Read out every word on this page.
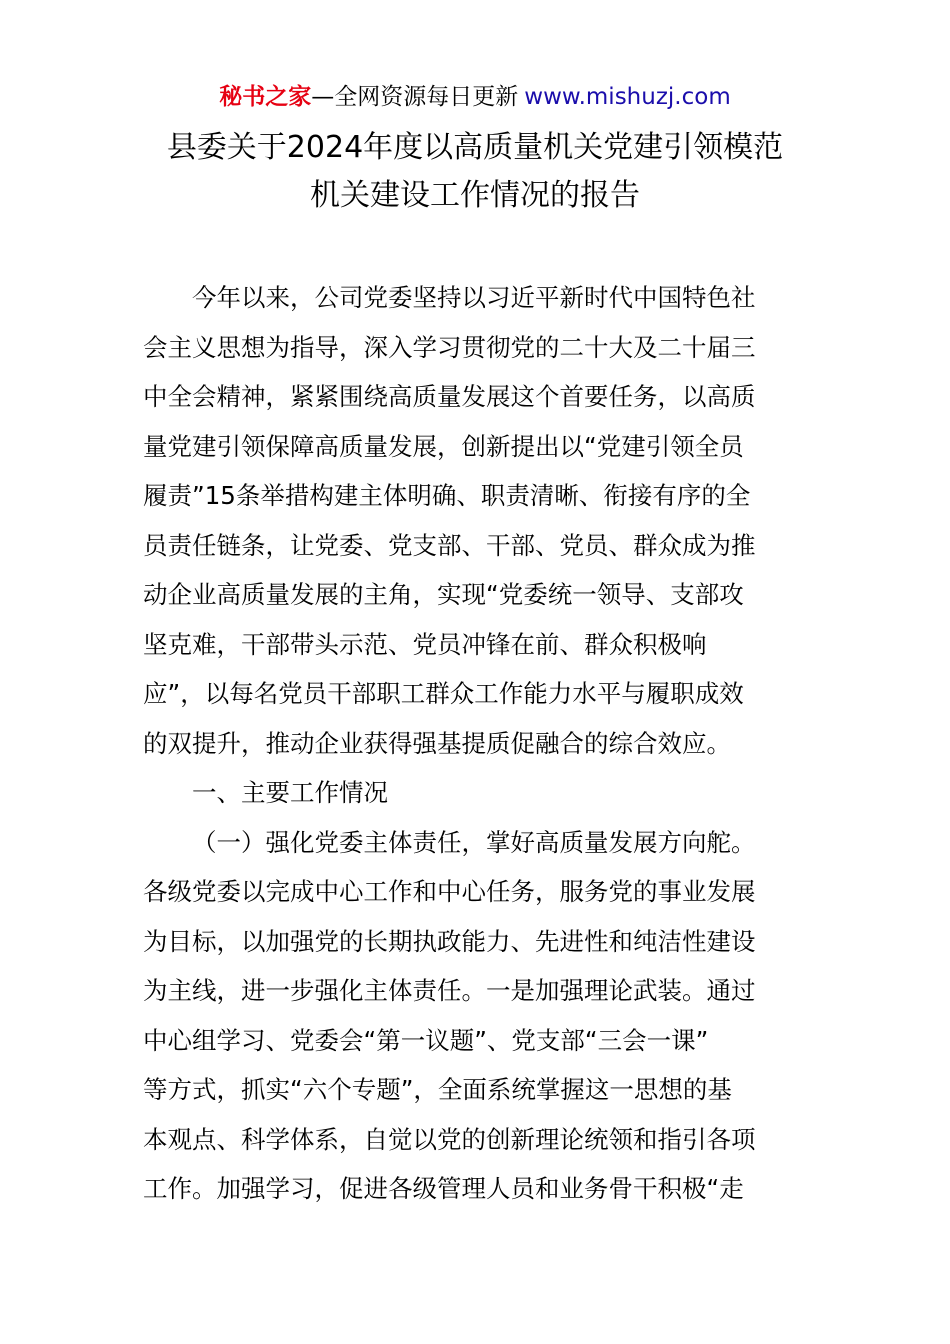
秘书之家—全网资源每日更新 www.mishuzj.com
县委关于2024年度以高质量机关党建引领模范
机关建设工作情况的报告
今年以来，公司党委坚持以习近平新时代中国特色社
会主义思想为指导，深入学习贯彻党的二十大及二十届三
中全会精神，紧紧围绕高质量发展这个首要任务，以高质
量党建引领保障高质量发展，创新提出以“党建引领全员
履责”15条举措构建主体明确、职责清晰、衔接有序的全
员责任链条，让党委、党支部、干部、党员、群众成为推
动企业高质量发展的主角，实现“党委统一领导、支部攻
坚克难，干部带头示范、党员冲锋在前、群众积极响
应”，以每名党员干部职工群众工作能力水平与履职成效
的双提升，推动企业获得强基提质促融合的综合效应。
一、主要工作情况
（一）强化党委主体责任，掌好高质量发展方向舵。
各级党委以完成中心工作和中心任务，服务党的事业发展
为目标，以加强党的长期执政能力、先进性和纯洁性建设
为主线，进一步强化主体责任。一是加强理论武装。通过
中心组学习、党委会“第一议题”、党支部“三会一课”
等方式，抓实“六个专题”，全面系统掌握这一思想的基
本观点、科学体系，自觉以党的创新理论统领和指引各项
工作。加强学习，促进各级管理人员和业务骨干积极“走
